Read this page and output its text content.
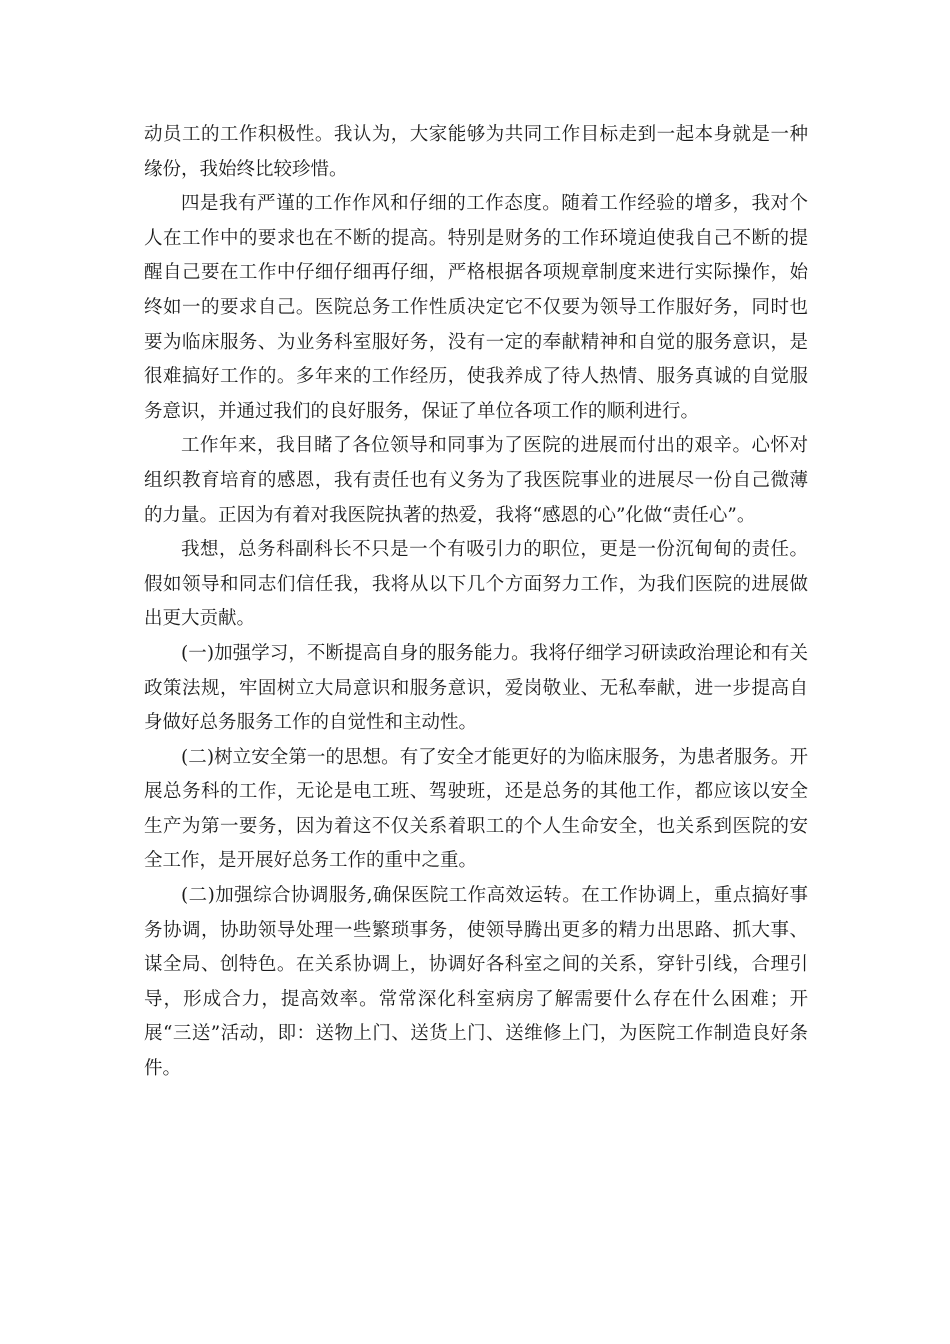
动员工的工作积极性。我认为，大家能够为共同工作目标走到一起本身就是一种缘份，我始终比较珍惜。

四是我有严谨的工作作风和仔细的工作态度。随着工作经验的增多，我对个人在工作中的要求也在不断的提高。特别是财务的工作环境迫使我自己不断的提醒自己要在工作中仔细仔细再仔细，严格根据各项规章制度来进行实际操作，始终如一的要求自己。医院总务工作性质决定它不仅要为领导工作服好务，同时也要为临床服务、为业务科室服好务，没有一定的奉献精神和自觉的服务意识，是很难搞好工作的。多年来的工作经历，使我养成了待人热情、服务真诚的自觉服务意识，并通过我们的良好服务，保证了单位各项工作的顺利进行。

工作年来，我目睹了各位领导和同事为了医院的进展而付出的艰辛。心怀对组织教育培育的感恩，我有责任也有义务为了我医院事业的进展尽一份自己微薄的力量。正因为有着对我医院执著的热爱，我将“感恩的心”化做“责任心”。

我想，总务科副科长不只是一个有吸引力的职位，更是一份沉甸甸的责任。假如领导和同志们信任我，我将从以下几个方面努力工作，为我们医院的进展做出更大贡献。

(一)加强学习，不断提高自身的服务能力。我将仔细学习研读政治理论和有关政策法规，牢固树立大局意识和服务意识，爱岗敬业、无私奉献，进一步提高自身做好总务服务工作的自觉性和主动性。

(二)树立安全第一的思想。有了安全才能更好的为临床服务，为患者服务。开展总务科的工作，无论是电工班、驾驶班，还是总务的其他工作，都应该以安全生产为第一要务，因为着这不仅关系着职工的个人生命安全，也关系到医院的安全工作，是开展好总务工作的重中之重。

(二)加强综合协调服务,确保医院工作高效运转。在工作协调上，重点搞好事务协调，协助领导处理一些繁琐事务，使领导腾出更多的精力出思路、抓大事、谋全局、创特色。在关系协调上，协调好各科室之间的关系，穿针引线，合理引导，形成合力，提高效率。常常深化科室病房了解需要什么存在什么困难；开展“三送”活动，即：送物上门、送货上门、送维修上门，为医院工作制造良好条件。
